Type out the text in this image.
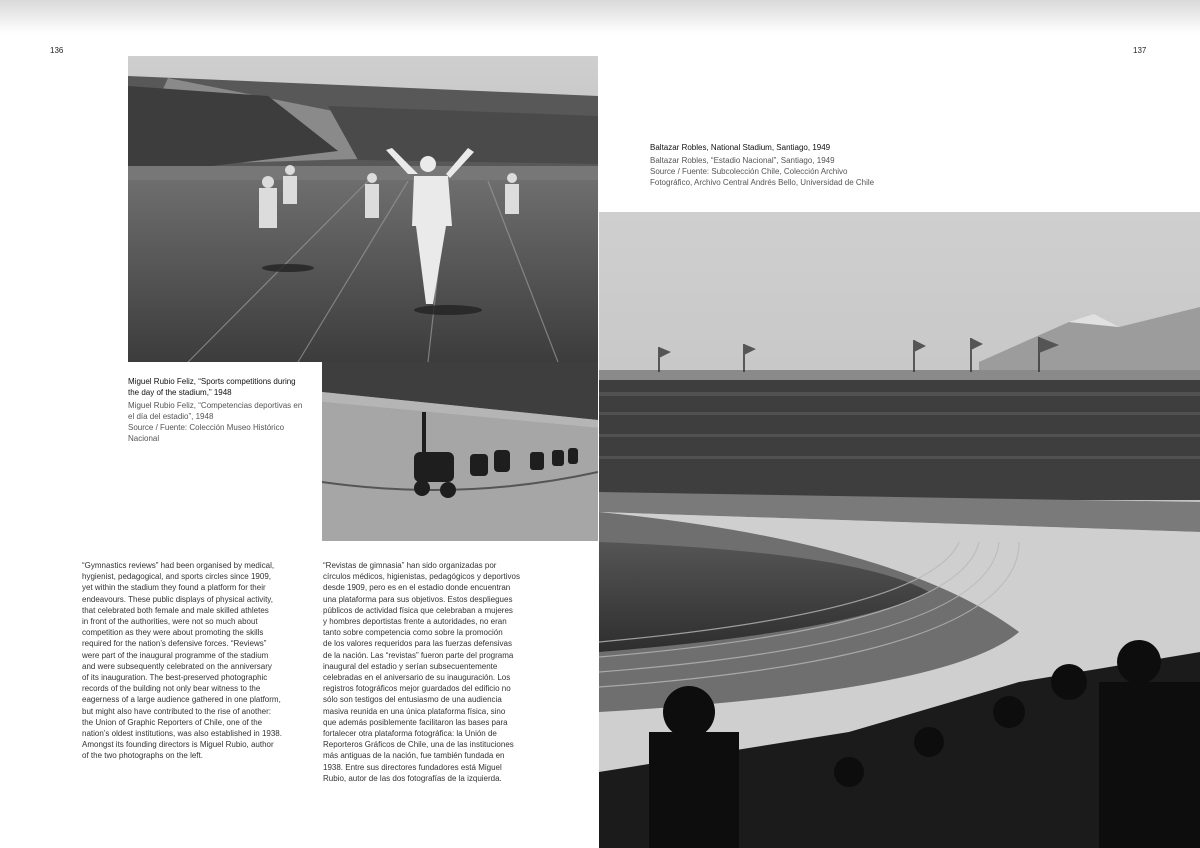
136	137
Miguel Rubio Feliz, “Sports competitions during the day of the stadium,” 1948
Miguel Rubio Feliz, “Competencias deportivas en el día del estadio”, 1948
Source / Fuente: Colección Museo Histórico Nacional
Baltazar Robles, National Stadium, Santiago, 1949
Baltazar Robles, “Estadio Nacional”, Santiago, 1949
Source / Fuente: Subcolección Chile, Colección Archivo Fotográfico, Archivo Central Andrés Bello, Universidad de Chile

“Gymnastics reviews” had been organised by medical,
hygienist, pedagogical, and sports circles since 1909,
yet within the stadium they found a platform for their
endeavours. These public displays of physical activity,
that celebrated both female and male skilled athletes
in front of the authorities, were not so much about
competition as they were about promoting the skills
required for the nation’s defensive forces. “Reviews”
were part of the inaugural programme of the stadium
and were subsequently celebrated on the anniversary
of its inauguration. The best-preserved photographic
records of the building not only bear witness to the
eagerness of a large audience gathered in one platform,
but might also have contributed to the rise of another:
the Union of Graphic Reporters of Chile, one of the
nation’s oldest institutions, was also established in 1938.
Amongst its founding directors is Miguel Rubio, author
of the two photographs on the left.

“Revistas de gimnasia” han sido organizadas por
círculos médicos, higienistas, pedagógicos y deportivos
desde 1909, pero es en el estadio donde encuentran
una plataforma para sus objetivos. Estos despliegues
públicos de actividad física que celebraban a mujeres
y hombres deportistas frente a autoridades, no eran
tanto sobre competencia como sobre la promoción
de los valores requeridos para las fuerzas defensivas
de la nación. Las “revistas” fueron parte del programa
inaugural del estadio y serían subsecuentemente
celebradas en el aniversario de su inauguración. Los
registros fotográficos mejor guardados del edificio no
sólo son testigos del entusiasmo de una audiencia
masiva reunida en una única plataforma física, sino
que además posiblemente facilitaron las bases para
fortalecer otra plataforma fotográfica: la Unión de
Reporteros Gráficos de Chile, una de las instituciones
más antiguas de la nación, fue también fundada en
1938. Entre sus directores fundadores está Miguel
Rubio, autor de las dos fotografías de la izquierda.
